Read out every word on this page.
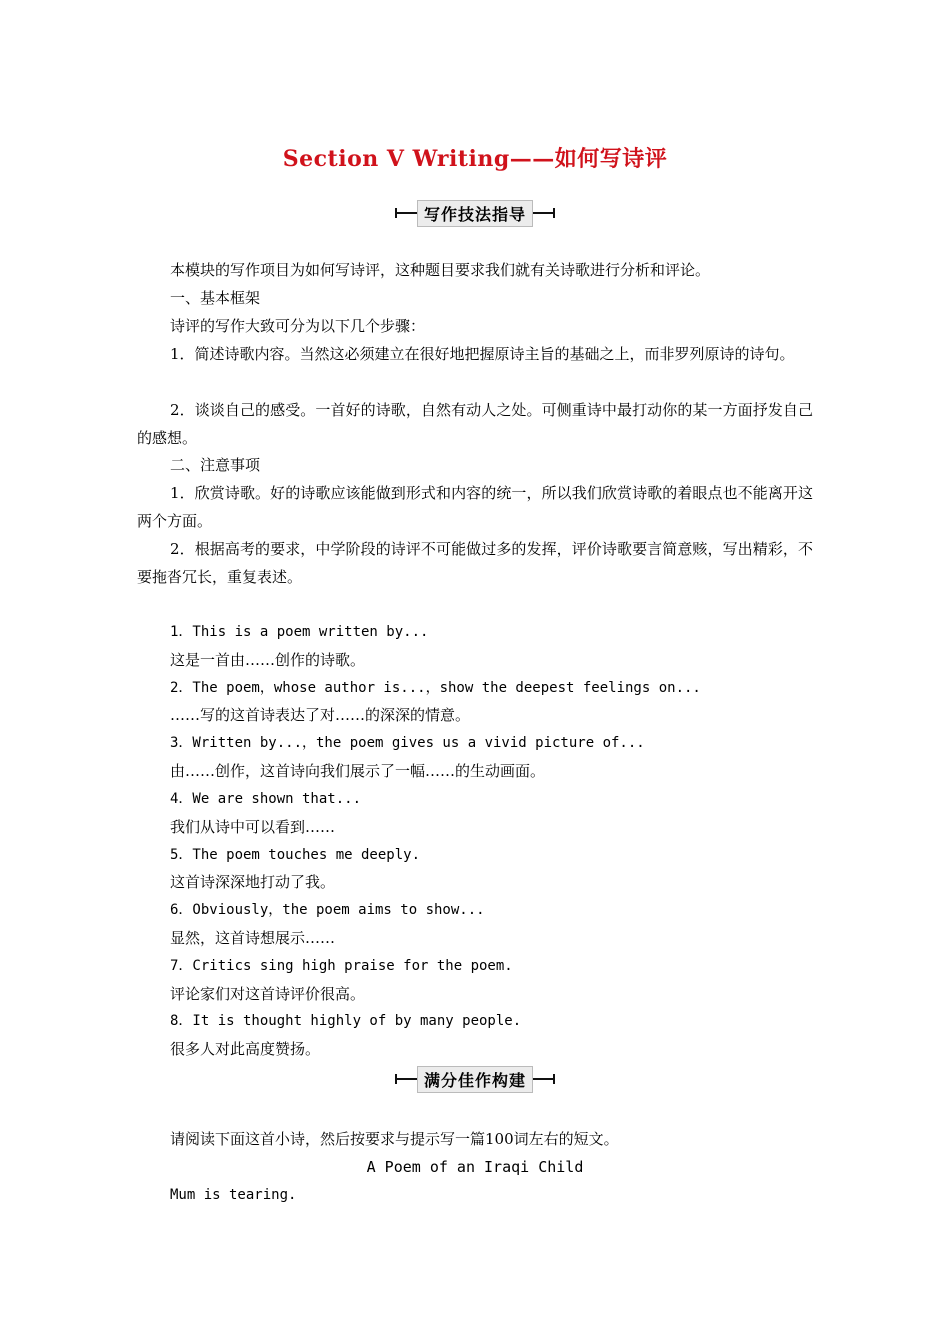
Section Ⅴ Writing——如何写诗评
写作技法指导
本模块的写作项目为如何写诗评，这种题目要求我们就有关诗歌进行分析和评论。
一、基本框架
诗评的写作大致可分为以下几个步骤：
1．简述诗歌内容。当然这必须建立在很好地把握原诗主旨的基础之上，而非罗列原诗的诗句。
2．谈谈自己的感受。一首好的诗歌，自然有动人之处。可侧重诗中最打动你的某一方面抒发自己的感想。
二、注意事项
1．欣赏诗歌。好的诗歌应该能做到形式和内容的统一，所以我们欣赏诗歌的着眼点也不能离开这两个方面。
2．根据高考的要求，中学阶段的诗评不可能做过多的发挥，评价诗歌要言简意赅，写出精彩，不要拖沓冗长，重复表述。
1．This is a poem written by...
这是一首由……创作的诗歌。
2．The poem，whose author is...，show the deepest feelings on...
……写的这首诗表达了对……的深深的情意。
3．Written by...，the poem gives us a vivid picture of...
由……创作，这首诗向我们展示了一幅……的生动画面。
4．We are shown that...
我们从诗中可以看到……
5．The poem touches me deeply.
这首诗深深地打动了我。
6．Obviously，the poem aims to show...
显然，这首诗想展示……
7．Critics sing high praise for the poem.
评论家们对这首诗评价很高。
8．It is thought highly of by many people.
很多人对此高度赞扬。
满分佳作构建
请阅读下面这首小诗，然后按要求与提示写一篇100词左右的短文。
A Poem of an Iraqi Child
Mum is tearing.
